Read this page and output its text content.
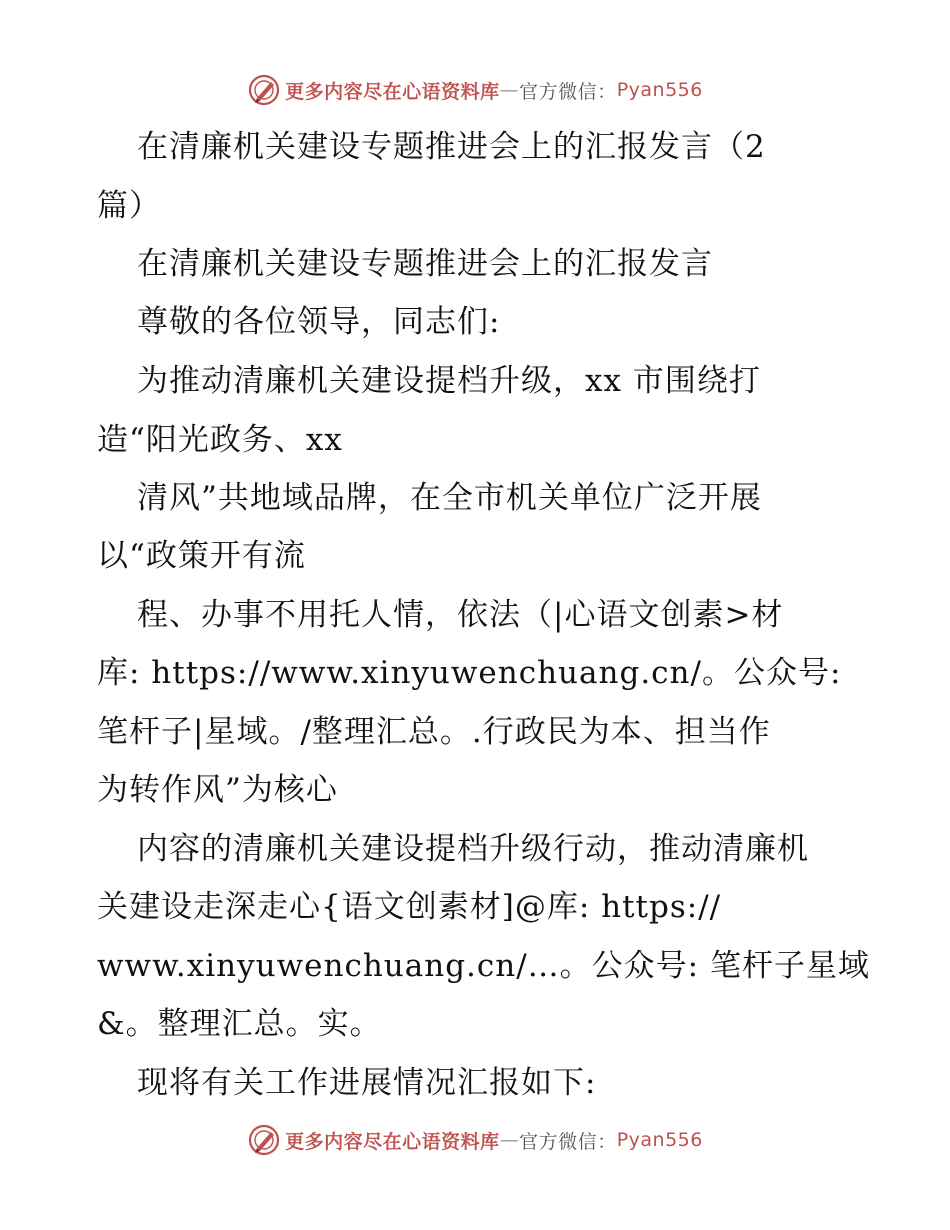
更多内容尽在心语资料库 — 官方微信： Pyan556
在清廉机关建设专题推进会上的汇报发言（2
篇）
在清廉机关建设专题推进会上的汇报发言
尊敬的各位领导，同志们:
为推动清廉机关建设提档升级，xx 市围绕打
造“阳光政务、xx
清风”共地域品牌，在全市机关单位广泛开展
以“政策开有流
程、办事不用托人情，依法（|心语文创素>材
库: https://www.xinyuwenchuang.cn/。公众号:
笔杆子|星域。/整理汇总。.行政民为本、担当作
为转作风”为核心
内容的清廉机关建设提档升级行动，推动清廉机
关建设走深走心{语文创素材]@库: https://
www.xinyuwenchuang.cn/…。公众号: 笔杆子星域
&。整理汇总。实。
现将有关工作进展情况汇报如下:
更多内容尽在心语资料库 — 官方微信： Pyan556
